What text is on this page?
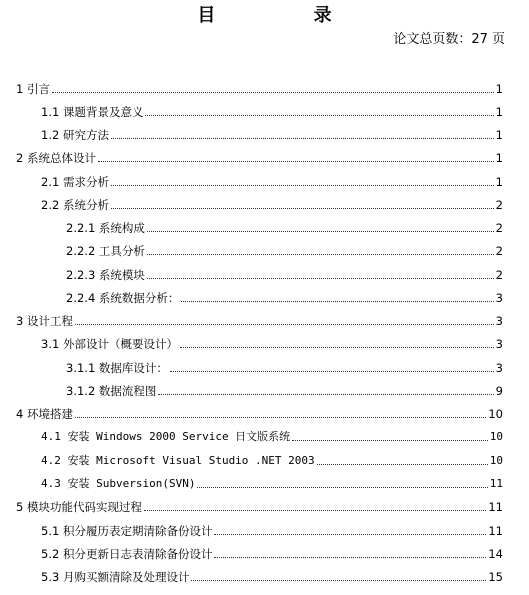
目 录
论文总页数：27 页
1 引言	1
1.1 课题背景及意义	1
1.2 研究方法	1
2 系统总体设计	1
2.1 需求分析	1
2.2 系统分析	2
2.2.1 系统构成	2
2.2.2 工具分析	2
2.2.3 系统模块	2
2.2.4 系统数据分析：	3
3 设计工程	3
3.1 外部设计（概要设计）	3
3.1.1 数据库设计：	3
3.1.2 数据流程图	9
4 环境搭建	10
4.1 安装 Windows 2000 Service 日文版系统	10
4.2 安装 Microsoft Visual Studio .NET 2003	10
4.3 安装 Subversion(SVN)	11
5 模块功能代码实现过程	11
5.1 积分履历表定期清除备份设计	11
5.2 积分更新日志表清除备份设计	14
5.3 月购买额清除及处理设计	15
